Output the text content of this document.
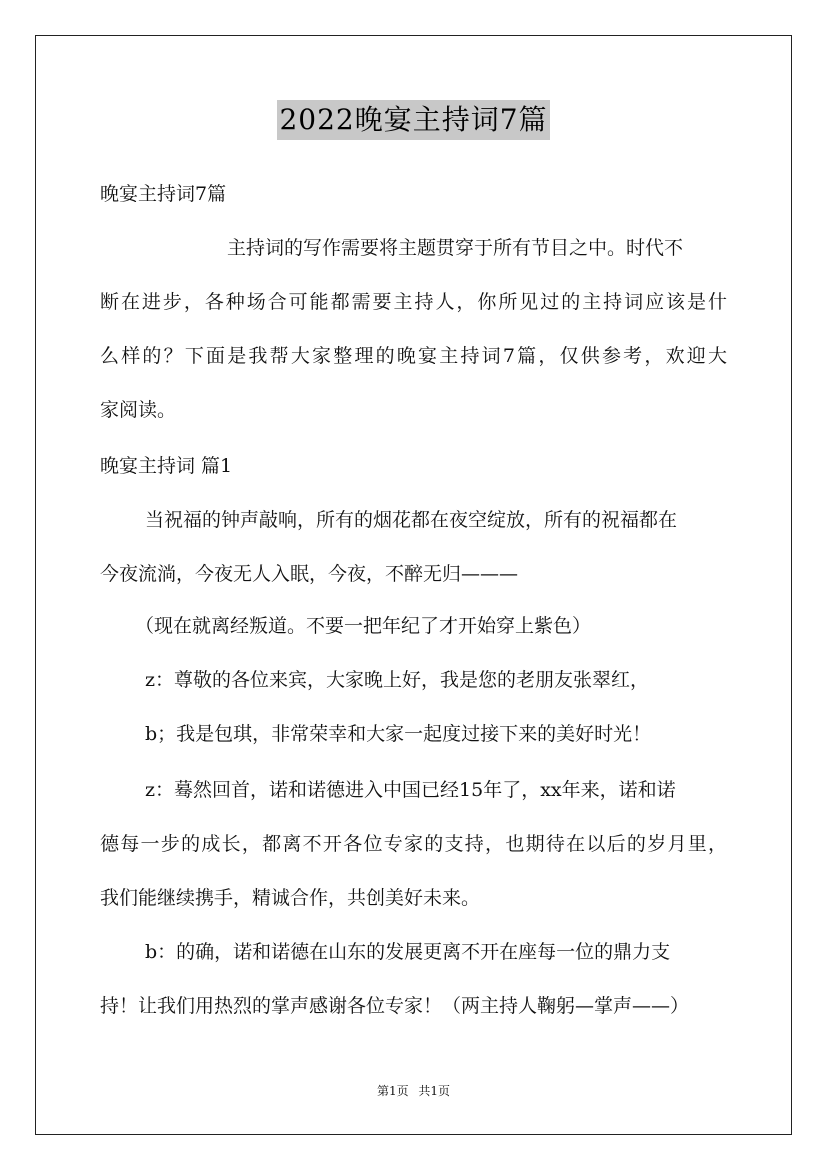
2022晚宴主持词7篇
晚宴主持词7篇
主持词的写作需要将主题贯穿于所有节目之中。时代不
断在进步，各种场合可能都需要主持人，你所见过的主持词应该是什
么样的？下面是我帮大家整理的晚宴主持词7篇，仅供参考，欢迎大
家阅读。
晚宴主持词 篇1
当祝福的钟声敲响，所有的烟花都在夜空绽放，所有的祝福都在
今夜流淌，今夜无人入眠，今夜，不醉无归———
（现在就离经叛道。不要一把年纪了才开始穿上紫色）
z：尊敬的各位来宾，大家晚上好，我是您的老朋友张翠红，
b；我是包琪，非常荣幸和大家一起度过接下来的美好时光！
z：蓦然回首，诺和诺德进入中国已经15年了，xx年来，诺和诺
德每一步的成长，都离不开各位专家的支持，也期待在以后的岁月里，
我们能继续携手，精诚合作，共创美好未来。
b：的确，诺和诺德在山东的发展更离不开在座每一位的鼎力支
持！让我们用热烈的掌声感谢各位专家！（两主持人鞠躬—掌声——）
第1页 共1页
